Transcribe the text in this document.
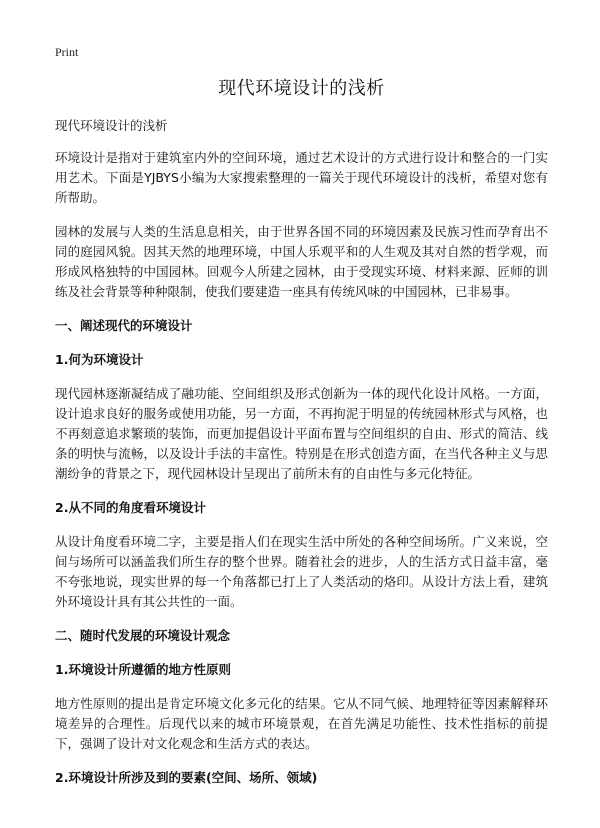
Print
现代环境设计的浅析

现代环境设计的浅析

环境设计是指对于建筑室内外的空间环境，通过艺术设计的方式进行设计和整合的一门实用艺术。下面是YJBYS小编为大家搜索整理的一篇关于现代环境设计的浅析，希望对您有所帮助。

园林的发展与人类的生活息息相关，由于世界各国不同的环境因素及民族习性而孕育出不同的庭园风貌。因其天然的地理环境，中国人乐观平和的人生观及其对自然的哲学观，而形成风格独特的中国园林。回观今人所建之园林，由于受现实环境、材料来源、匠师的训练及社会背景等种种限制，使我们要建造一座具有传统风味的中国园林，已非易事。

一、阐述现代的环境设计
1.何为环境设计

现代园林逐渐凝结成了融功能、空间组织及形式创新为一体的现代化设计风格。一方面，设计追求良好的服务或使用功能，另一方面，不再拘泥于明显的传统园林形式与风格，也不再刻意追求繁琐的装饰，而更加提倡设计平面布置与空间组织的自由、形式的简洁、线条的明快与流畅，以及设计手法的丰富性。特别是在形式创造方面，在当代各种主义与思潮纷争的背景之下，现代园林设计呈现出了前所未有的自由性与多元化特征。

2.从不同的角度看环境设计

从设计角度看环境二字，主要是指人们在现实生活中所处的各种空间场所。广义来说，空间与场所可以涵盖我们所生存的整个世界。随着社会的进步，人的生活方式日益丰富，毫不夸张地说，现实世界的每一个角落都已打上了人类活动的烙印。从设计方法上看，建筑外环境设计具有其公共性的一面。

二、随时代发展的环境设计观念
1.环境设计所遵循的地方性原则

地方性原则的提出是肯定环境文化多元化的结果。它从不同气候、地理特征等因素解释环境差异的合理性。后现代以来的城市环境景观，在首先满足功能性、技术性指标的前提下，强调了设计对文化观念和生活方式的表达。

2.环境设计所涉及到的要素(空间、场所、领域)
